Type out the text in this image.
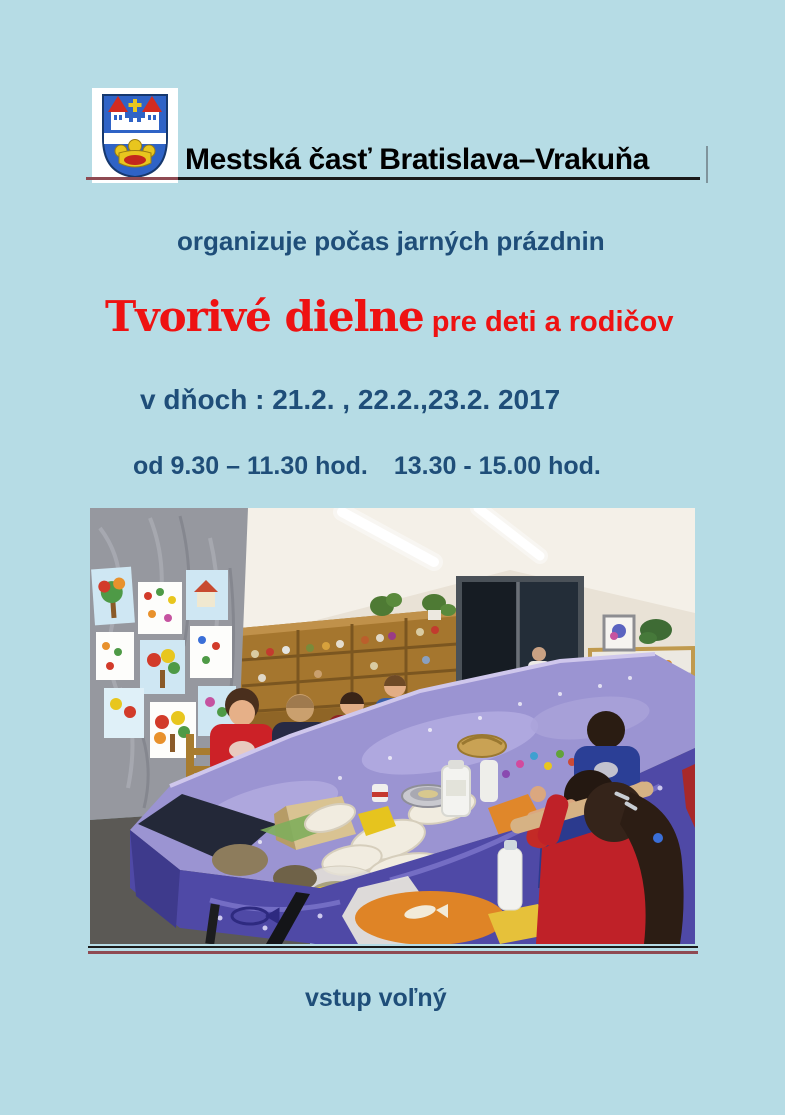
Mestská časť Bratislava–Vrakuňa

organizuje počas jarných prázdnin

Tvorivé dielne pre deti a rodičov

v dňoch : 21.2. , 22.2.,23.2. 2017

od 9.30 – 11.30 hod. 13.30 - 15.00 hod.

vstup voľný
